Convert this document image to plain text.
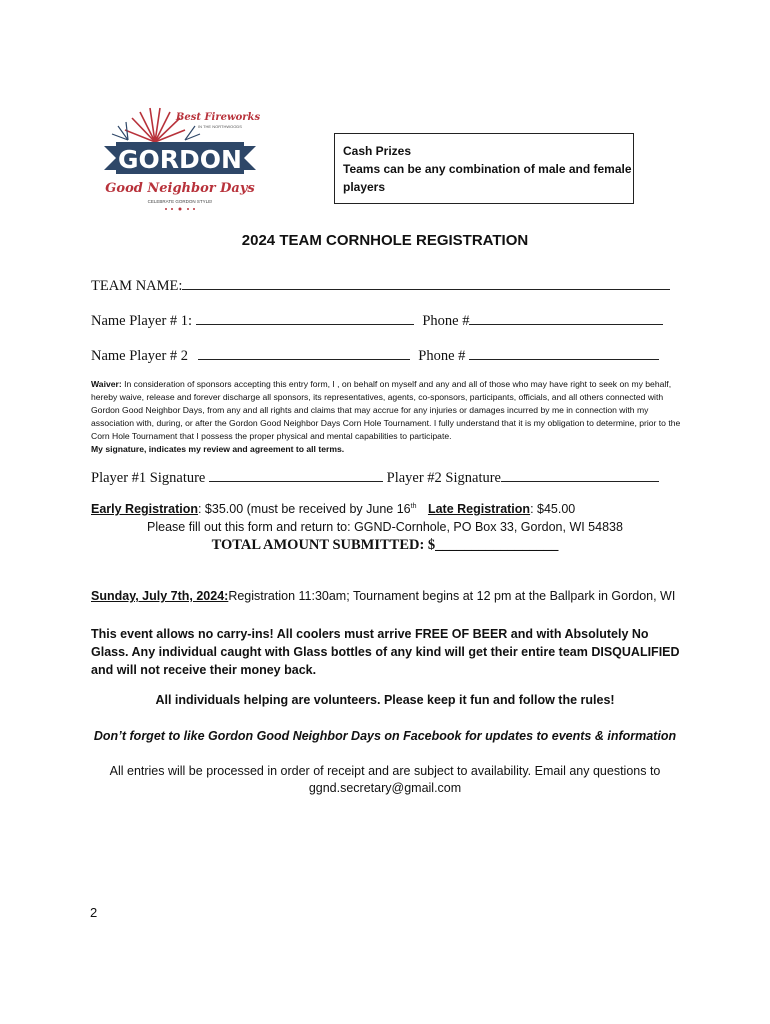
Best Fireworks
IN THE NORTHWOODS
GORDON
Good Neighbor Days
CELEBRATE GORDON STYLE!
Cash Prizes
Teams can be any combination of male and female
players
2024 TEAM CORNHOLE REGISTRATION
TEAM NAME:
Name Player # 1:	Phone #
Name Player # 2	Phone #
Waiver: In consideration of sponsors accepting this entry form, I , on behalf on myself and any and all of those who may have right to seek on my behalf, hereby waive, release and forever discharge all sponsors, its representatives, agents, co-sponsors, participants, officials, and all others connected with Gordon Good Neighbor Days, from any and all rights and claims that may accrue for any injuries or damages incurred by me in connection with my association with, during, or after the Gordon Good Neighbor Days Corn Hole Tournament. I fully understand that it is my obligation to determine, prior to the Corn Hole Tournament that I possess the proper physical and mental capabilities to participate.
My signature, indicates my review and agreement to all terms.
Player #1 Signature	Player #2 Signature
Early Registration: $35.00 (must be received by June 16th Late Registration: $45.00
Please fill out this form and return to: GGND-Cornhole, PO Box 33, Gordon, WI 54838
TOTAL AMOUNT SUBMITTED: $_________________
Sunday, July 7th, 2024:Registration 11:30am; Tournament begins at 12 pm at the Ballpark in Gordon, WI
This event allows no carry-ins! All coolers must arrive FREE OF BEER and with Absolutely No Glass. Any individual caught with Glass bottles of any kind will get their entire team DISQUALIFIED and will not receive their money back.
All individuals helping are volunteers. Please keep it fun and follow the rules!
Don’t forget to like Gordon Good Neighbor Days on Facebook for updates to events & information
All entries will be processed in order of receipt and are subject to availability. Email any questions to
ggnd.secretary@gmail.com
2
